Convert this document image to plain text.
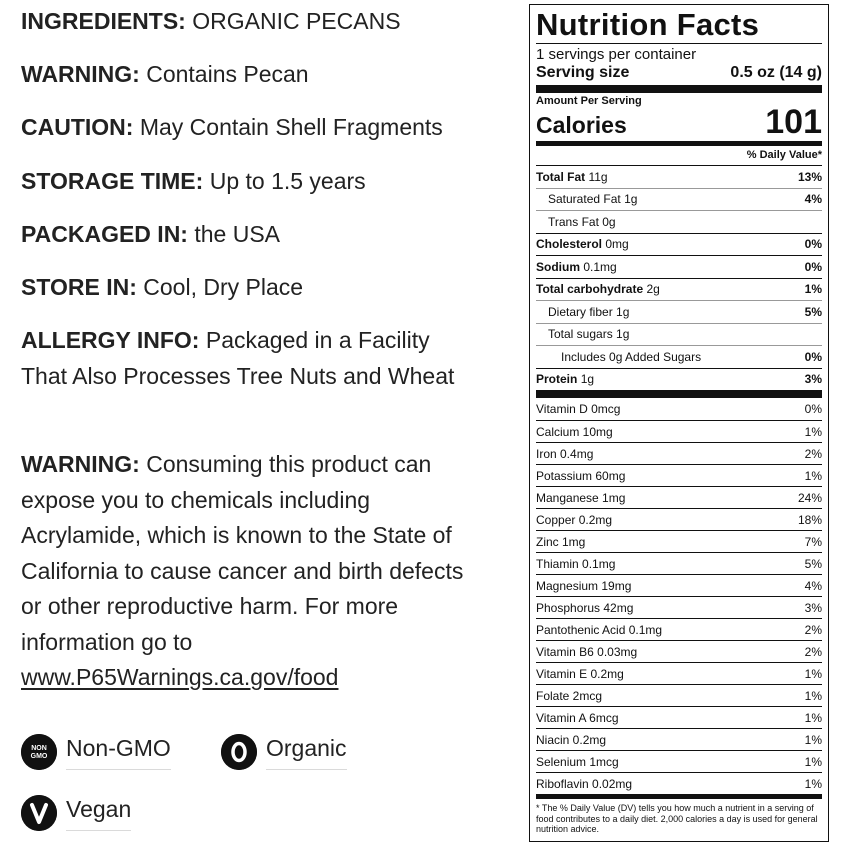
INGREDIENTS: ORGANIC PECANS
WARNING: Contains Pecan
CAUTION: May Contain Shell Fragments
STORAGE TIME: Up to 1.5 years
PACKAGED IN: the USA
STORE IN: Cool, Dry Place
ALLERGY INFO: Packaged in a Facility That Also Processes Tree Nuts and Wheat
WARNING: Consuming this product can expose you to chemicals including Acrylamide, which is known to the State of California to cause cancer and birth defects or other reproductive harm. For more information go to www.P65Warnings.ca.gov/food
NON
GMO Non-GMO	Organic
Vegan
Nutrition Facts
1 servings per container
Serving size	0.5 oz (14 g)
Amount Per Serving
Calories	101
% Daily Value*
Total Fat 11g	13%
Saturated Fat 1g	4%
Trans Fat 0g
Cholesterol 0mg	0%
Sodium 0.1mg	0%
Total carbohydrate 2g	1%
Dietary fiber 1g	5%
Total sugars 1g
Includes 0g Added Sugars	0%
Protein 1g	3%
Vitamin D 0mcg	0%
Calcium 10mg	1%
Iron 0.4mg	2%
Potassium 60mg	1%
Manganese 1mg	24%
Copper 0.2mg	18%
Zinc 1mg	7%
Thiamin 0.1mg	5%
Magnesium 19mg	4%
Phosphorus 42mg	3%
Pantothenic Acid 0.1mg	2%
Vitamin B6 0.03mg	2%
Vitamin E 0.2mg	1%
Folate 2mcg	1%
Vitamin A 6mcg	1%
Niacin 0.2mg	1%
Selenium 1mcg	1%
Riboflavin 0.02mg	1%
* The % Daily Value (DV) tells you how much a nutrient in a serving of food contributes to a daily diet. 2,000 calories a day is used for general nutrition advice.
